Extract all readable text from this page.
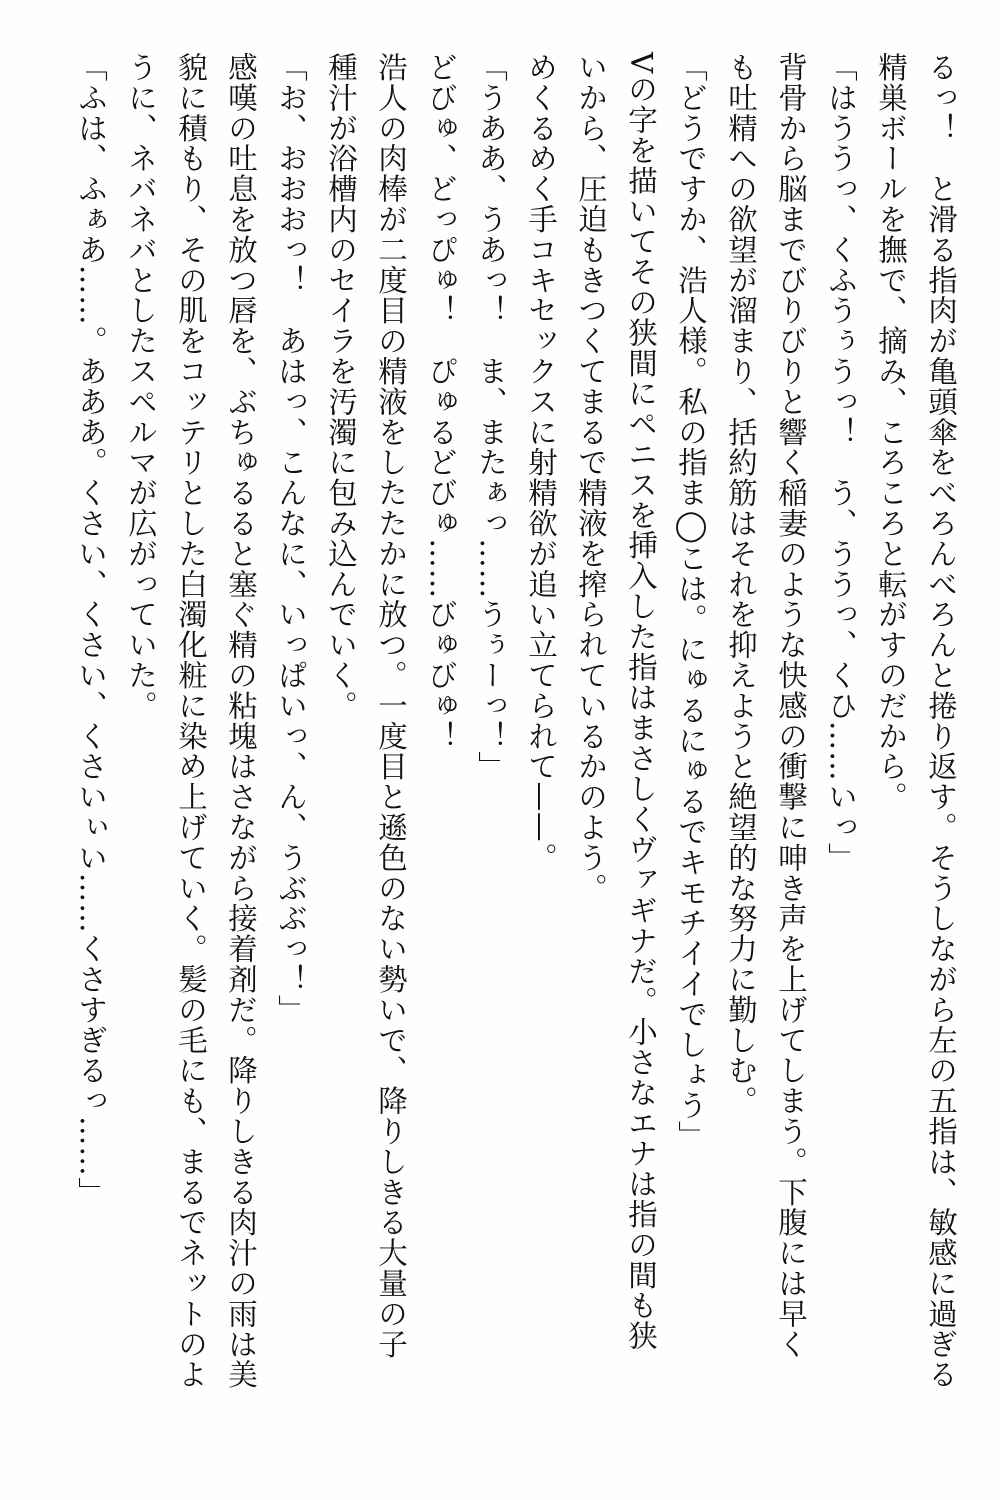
るっ！　と滑る指肉が亀頭傘をべろんべろんと捲り返す。そうしながら左の五指は、敏感に過ぎる
精巣ボールを撫で、摘み、ころころと転がすのだから。
「はううっ、くふうぅうっ！　う、ううっ、くひ……いっ」
背骨から脳までびりびりと響く稲妻のような快感の衝撃に呻き声を上げてしまう。下腹には早く
も吐精への欲望が溜まり、括約筋はそれを抑えようと絶望的な努力に勤しむ。
「どうですか、浩人様。私の指ま◯こは。にゅるにゅるでキモチイイでしょう」
Vの字を描いてその狭間にペニスを挿入した指はまさしくヴァギナだ。小さなエナは指の間も狭
いから、圧迫もきつくてまるで精液を搾られているかのよう。
めくるめく手コキセックスに射精欲が追い立てられて——。
「うああ、うあっ！　ま、またぁっ……うぅーっ！」
どびゅ、どっぴゅ！　ぴゅるどびゅ……びゅびゅ！
浩人の肉棒が二度目の精液をしたたかに放つ。一度目と遜色のない勢いで、降りしきる大量の子
種汁が浴槽内のセイラを汚濁に包み込んでいく。
「お、おおおっ！　あはっ、こんなに、いっぱいっ、ん、うぶぶっ！」
感嘆の吐息を放つ唇を、ぶちゅるると塞ぐ精の粘塊はさながら接着剤だ。降りしきる肉汁の雨は美
貌に積もり、その肌をコッテリとした白濁化粧に染め上げていく。髪の毛にも、まるでネットのよ
うに、ネバネバとしたスペルマが広がっていた。
「ふは、ふぁあ……。あああ。くさい、くさい、くさいぃい……くさすぎるっ……」
